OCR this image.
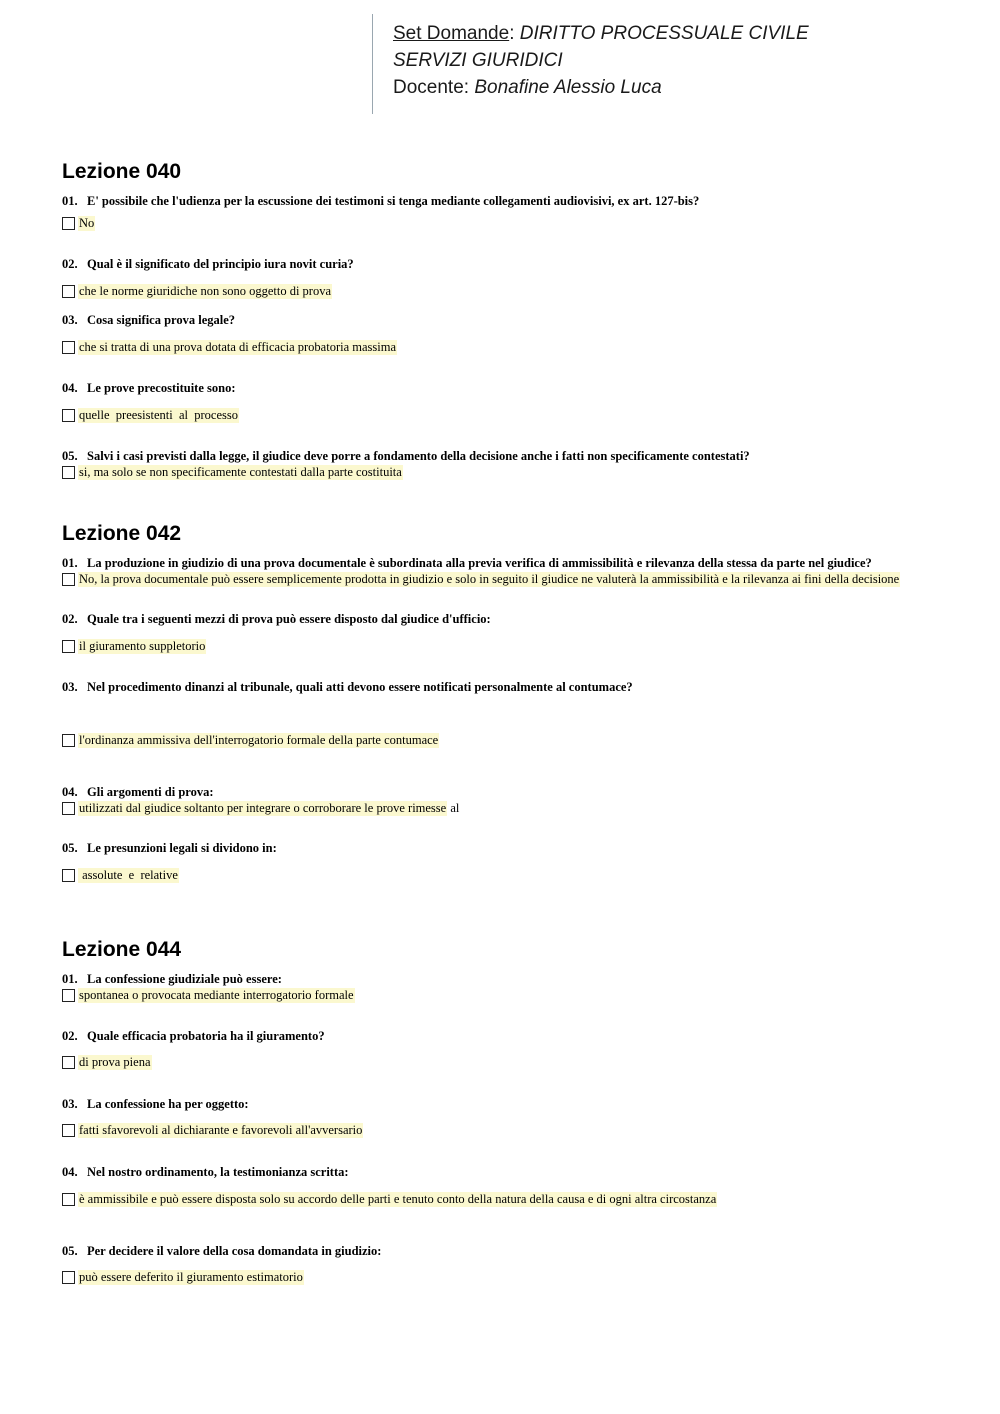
Set Domande: DIRITTO PROCESSUALE CIVILE
SERVIZI GIURIDICI
Docente: Bonafine Alessio Luca
Lezione 040
01. E' possibile che l'udienza per la escussione dei testimoni si tenga mediante collegamenti audiovisivi, ex art. 127-bis?
No
02. Qual è il significato del principio iura novit curia?
che le norme giuridiche non sono oggetto di prova
03. Cosa significa prova legale?
che si tratta di una prova dotata di efficacia probatoria massima
04. Le prove precostituite sono:
quelle  preesistenti  al  processo
05. Salvi i casi previsti dalla legge, il giudice deve porre a fondamento della decisione anche i fatti non specificamente contestati?
si, ma solo se non specificamente contestati dalla parte costituita
Lezione 042
01. La produzione in giudizio di una prova documentale è subordinata alla previa verifica di ammissibilità e rilevanza della stessa da parte nel giudice?
No, la prova documentale può essere semplicemente prodotta in giudizio e solo in seguito il giudice ne valuterà la ammissibilità e la rilevanza ai fini della decisione
02. Quale tra i seguenti mezzi di prova può essere disposto dal giudice d'ufficio:
il giuramento suppletorio
03. Nel procedimento dinanzi al tribunale, quali atti devono essere notificati personalmente al contumace?
l'ordinanza ammissiva dell'interrogatorio formale della parte contumace
04. Gli argomenti di prova:
utilizzati dal giudice soltanto per integrare o corroborare le prove rimesse al
05. Le presunzioni legali si dividono in:
assolute  e  relative
Lezione 044
01. La confessione giudiziale può essere:
spontanea o provocata mediante interrogatorio formale
02. Quale efficacia probatoria ha il giuramento?
di prova piena
03. La confessione ha per oggetto:
fatti sfavorevoli al dichiarante e favorevoli all'avversario
04. Nel nostro ordinamento, la testimonianza scritta:
è ammissibile e può essere disposta solo su accordo delle parti e tenuto conto della natura della causa e di ogni altra circostanza
05. Per decidere il valore della cosa domandata in giudizio:
può essere deferito il giuramento estimatorio
